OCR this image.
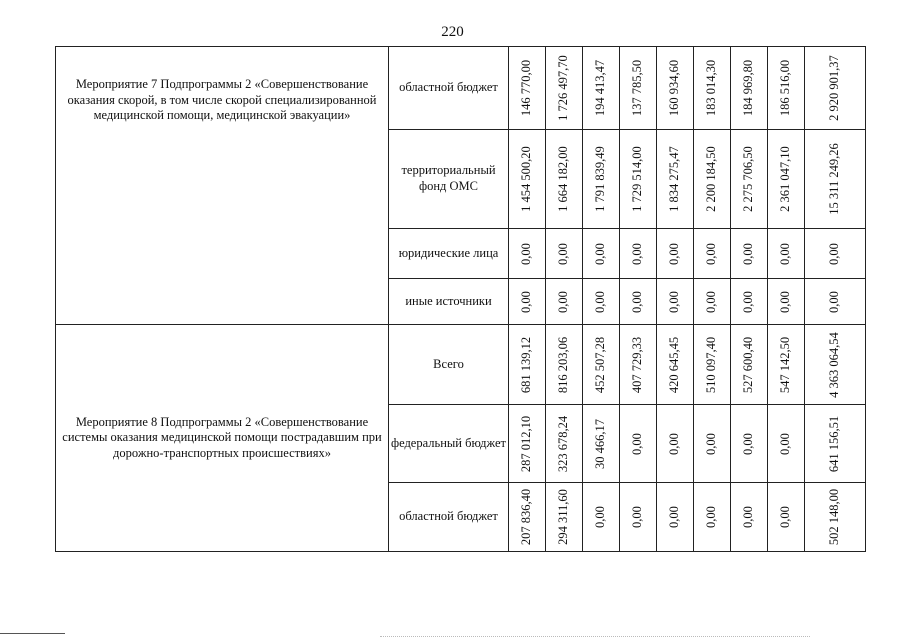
220
Мероприятие 7 Подпрограммы 2 «Совершенствование оказания скорой, в том числе скорой специализированной медицинской помощи, медицинской эвакуации»	областной бюджет	146 770,00	1 726 497,70	194 413,47	137 785,50	160 934,60	183 014,30	184 969,80	186 516,00	2 920 901,37

	территориальный фонд ОМС	1 454 500,20	1 664 182,00	1 791 839,49	1 729 514,00	1 834 275,47	2 200 184,50	2 275 706,50	2 361 047,10	15 311 249,26

	юридические лица	0,00	0,00	0,00	0,00	0,00	0,00	0,00	0,00	0,00

	иные источники	0,00	0,00	0,00	0,00	0,00	0,00	0,00	0,00	0,00

Мероприятие 8 Подпрограммы 2 «Совершенствование системы оказания медицинской помощи пострадавшим при дорожно-транспортных происшествиях»	Всего	681 139,12	816 203,06	452 507,28	407 729,33	420 645,45	510 097,40	527 600,40	547 142,50	4 363 064,54

	федеральный бюджет	287 012,10	323 678,24	30 466,17	0,00	0,00	0,00	0,00	0,00	641 156,51

	областной бюджет	207 836,40	294 311,60	0,00	0,00	0,00	0,00	0,00	0,00	502 148,00
